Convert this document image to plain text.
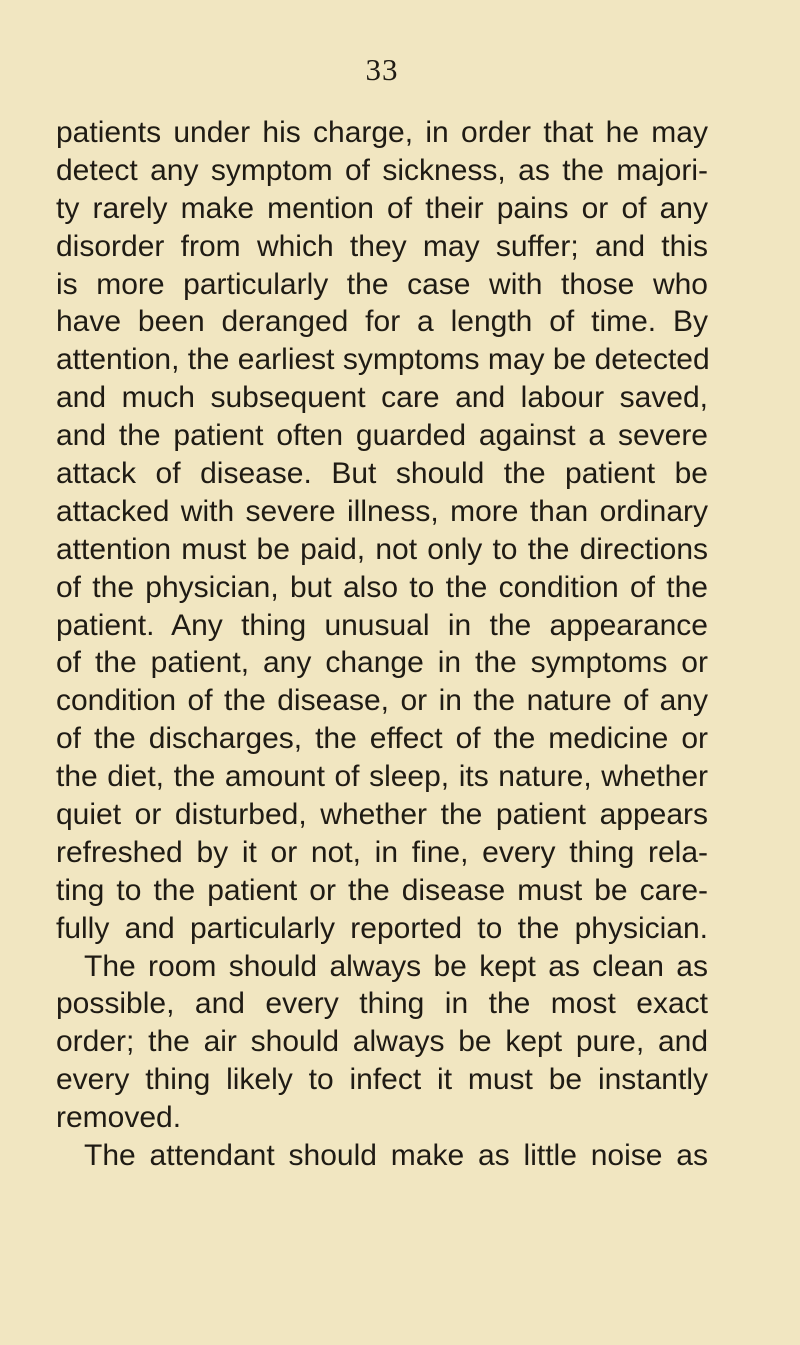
33
patients under his charge, in order that he may
detect any symptom of sickness, as the majori-
ty rarely make mention of their pains or of any
disorder from which they may suffer; and this
is more particularly the case with those who
have been deranged for a length of time. By
attention, the earliest symptoms may be detected
and much subsequent care and labour saved,
and the patient often guarded against a severe
attack of disease. But should the patient be
attacked with severe illness, more than ordinary
attention must be paid, not only to the directions
of the physician, but also to the condition of the
patient. Any thing unusual in the appearance
of the patient, any change in the symptoms or
condition of the disease, or in the nature of any
of the discharges, the effect of the medicine or
the diet, the amount of sleep, its nature, whether
quiet or disturbed, whether the patient appears
refreshed by it or not, in fine, every thing rela-
ting to the patient or the disease must be care-
fully and particularly reported to the physician.
The room should always be kept as clean as
possible, and every thing in the most exact
order; the air should always be kept pure, and
every thing likely to infect it must be instantly
removed.
The attendant should make as little noise as
